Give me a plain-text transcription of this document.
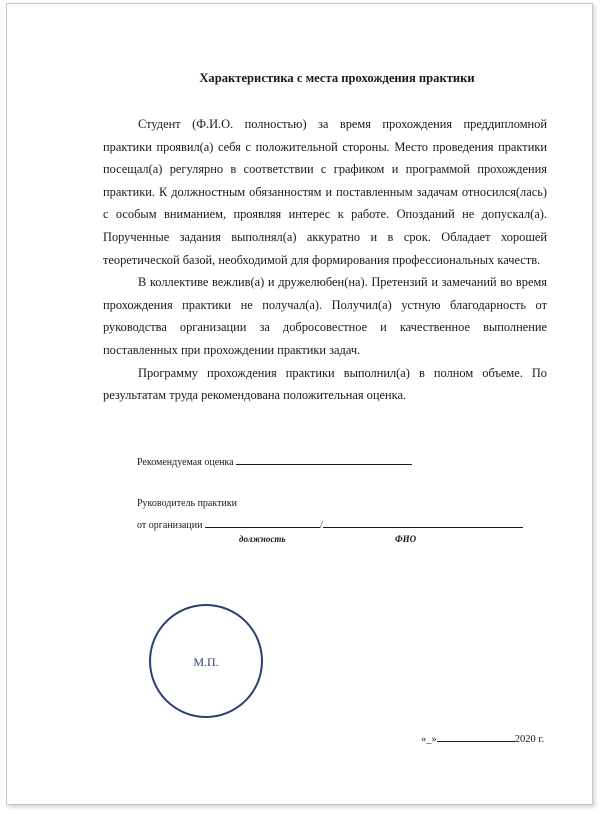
Характеристика с места прохождения практики

Студент (Ф.И.О. полностью) за время прохождения преддипломной практики проявил(а) себя с положительной стороны. Место проведения практики посещал(а) регулярно в соответствии с графиком и программой прохождения практики. К должностным обязанностям и поставленным задачам относился(лась) с особым вниманием, проявляя интерес к работе. Опозданий не допускал(а). Порученные задания выполнял(а) аккуратно и в срок. Обладает хорошей теоретической базой, необходимой для формирования профессиональных качеств.

В коллективе вежлив(а) и дружелюбен(на). Претензий и замечаний во время прохождения практики не получал(а). Получил(а) устную благодарность от руководства организации за добросовестное и качественное выполнение поставленных при прохождении практики задач.

Программу прохождения практики выполнил(а) в полном объеме. По результатам труда рекомендована положительная оценка.

Рекомендуемая оценка
Руководитель практики
от организации	/
должность	ФИО
М.П.
«_»	2020 г.
